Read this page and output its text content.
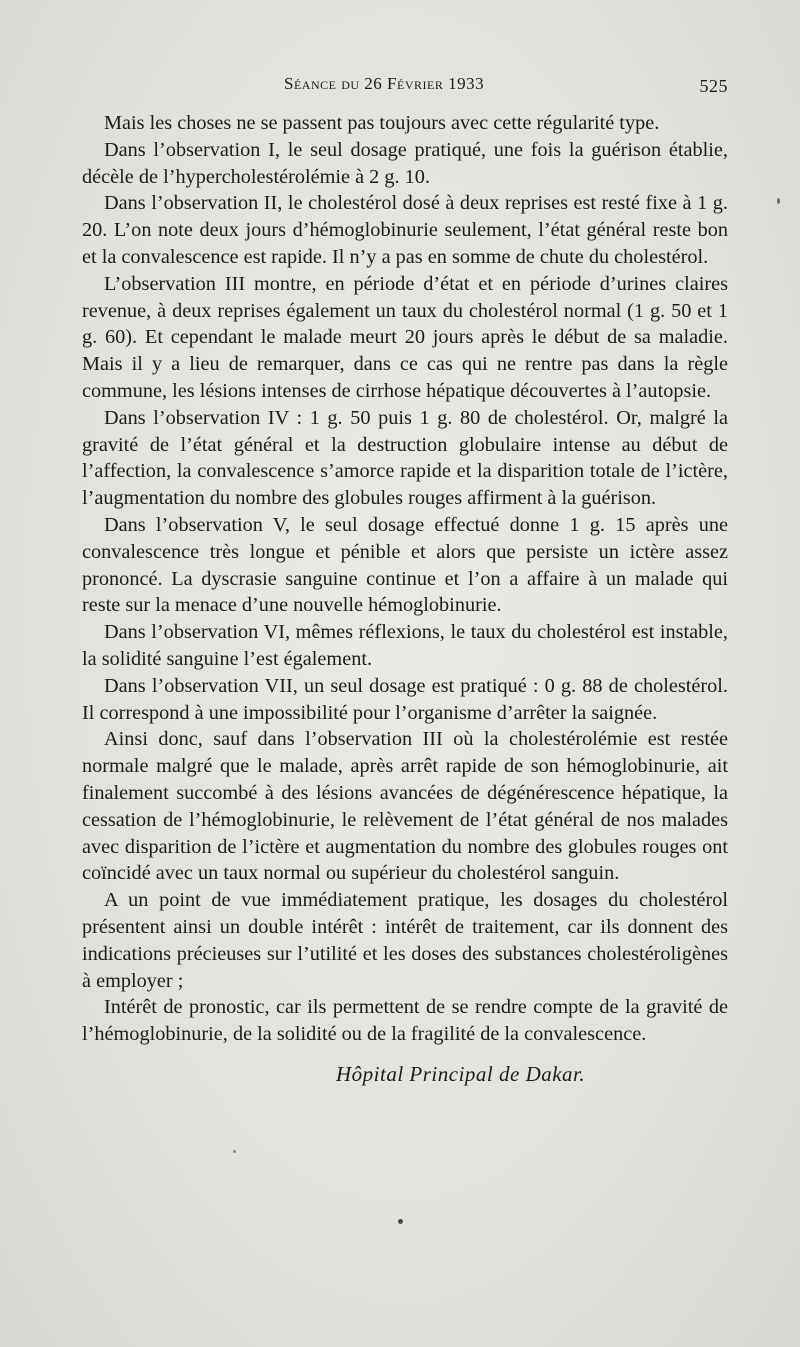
Séance du 26 Février 1933	525

Mais les choses ne se passent pas toujours avec cette régularité type.

Dans l’observation I, le seul dosage pratiqué, une fois la guérison établie, décèle de l’hypercholestérolémie à 2 g. 10.

Dans l’observation II, le cholestérol dosé à deux reprises est resté fixe à 1 g. 20. L’on note deux jours d’hémoglobinurie seulement, l’état général reste bon et la convalescence est rapide. Il n’y a pas en somme de chute du cholestérol.

L’observation III montre, en période d’état et en période d’urines claires revenue, à deux reprises également un taux du cholestérol normal (1 g. 50 et 1 g. 60). Et cependant le malade meurt 20 jours après le début de sa maladie. Mais il y a lieu de remarquer, dans ce cas qui ne rentre pas dans la règle commune, les lésions intenses de cirrhose hépatique découvertes à l’autopsie.

Dans l’observation IV : 1 g. 50 puis 1 g. 80 de cholestérol. Or, malgré la gravité de l’état général et la destruction globulaire intense au début de l’affection, la convalescence s’amorce rapide et la disparition totale de l’ictère, l’augmentation du nombre des globules rouges affirment à la guérison.

Dans l’observation V, le seul dosage effectué donne 1 g. 15 après une convalescence très longue et pénible et alors que persiste un ictère assez prononcé. La dyscrasie sanguine continue et l’on a affaire à un malade qui reste sur la menace d’une nouvelle hémoglobinurie.

Dans l’observation VI, mêmes réflexions, le taux du cholestérol est instable, la solidité sanguine l’est également.

Dans l’observation VII, un seul dosage est pratiqué : 0 g. 88 de cholestérol. Il correspond à une impossibilité pour l’organisme d’arrêter la saignée.

Ainsi donc, sauf dans l’observation III où la cholestérolémie est restée normale malgré que le malade, après arrêt rapide de son hémoglobinurie, ait finalement succombé à des lésions avancées de dégénérescence hépatique, la cessation de l’hémoglobinurie, le relèvement de l’état général de nos malades avec disparition de l’ictère et augmentation du nombre des globules rouges ont coïncidé avec un taux normal ou supérieur du cholestérol sanguin.

A un point de vue immédiatement pratique, les dosages du cholestérol présentent ainsi un double intérêt : intérêt de traitement, car ils donnent des indications précieuses sur l’utilité et les doses des substances cholestéroligènes à employer ;

Intérêt de pronostic, car ils permettent de se rendre compte de la gravité de l’hémoglobinurie, de la solidité ou de la fragilité de la convalescence.

Hôpital Principal de Dakar.
